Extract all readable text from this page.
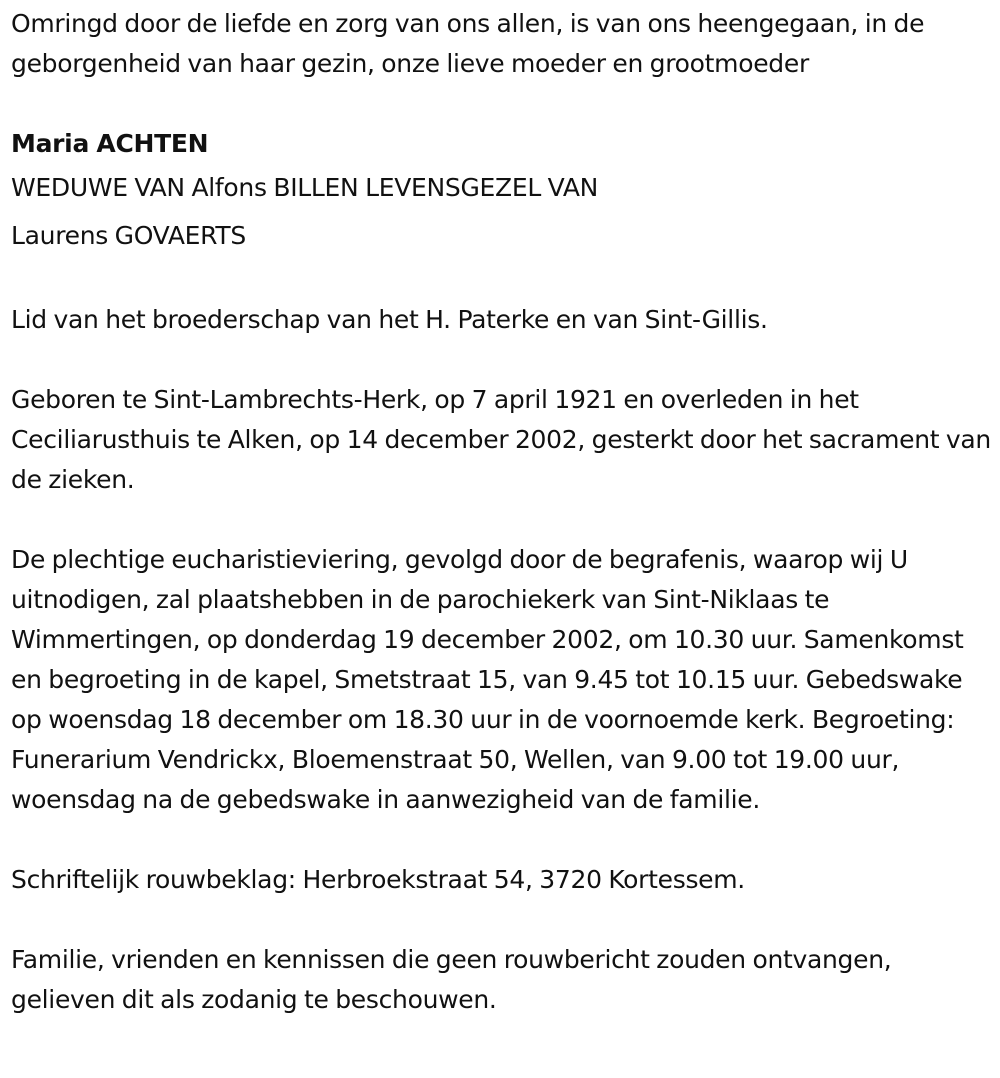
Omringd door de liefde en zorg van ons allen, is van ons heengegaan, in de geborgenheid van haar gezin, onze lieve moeder en grootmoeder

Maria ACHTEN

WEDUWE VAN Alfons BILLEN LEVENSGEZEL VAN

Laurens GOVAERTS

Lid van het broederschap van het H. Paterke en van Sint-Gillis.

Geboren te Sint-Lambrechts-Herk, op 7 april 1921 en overleden in het Ceciliarusthuis te Alken, op 14 december 2002, gesterkt door het sacrament van de zieken.

De plechtige eucharistieviering, gevolgd door de begrafenis, waarop wij U uitnodigen, zal plaatshebben in de parochiekerk van Sint-Niklaas te Wimmertingen, op donderdag 19 december 2002, om 10.30 uur. Samenkomst en begroeting in de kapel, Smetstraat 15, van 9.45 tot 10.15 uur. Gebedswake op woensdag 18 december om 18.30 uur in de voornoemde kerk. Begroeting: Funerarium Vendrickx, Bloemenstraat 50, Wellen, van 9.00 tot 19.00 uur, woensdag na de gebedswake in aanwezigheid van de familie.

Schriftelijk rouwbeklag: Herbroekstraat 54, 3720 Kortessem.

Familie, vrienden en kennissen die geen rouwbericht zouden ontvangen, gelieven dit als zodanig te beschouwen.
